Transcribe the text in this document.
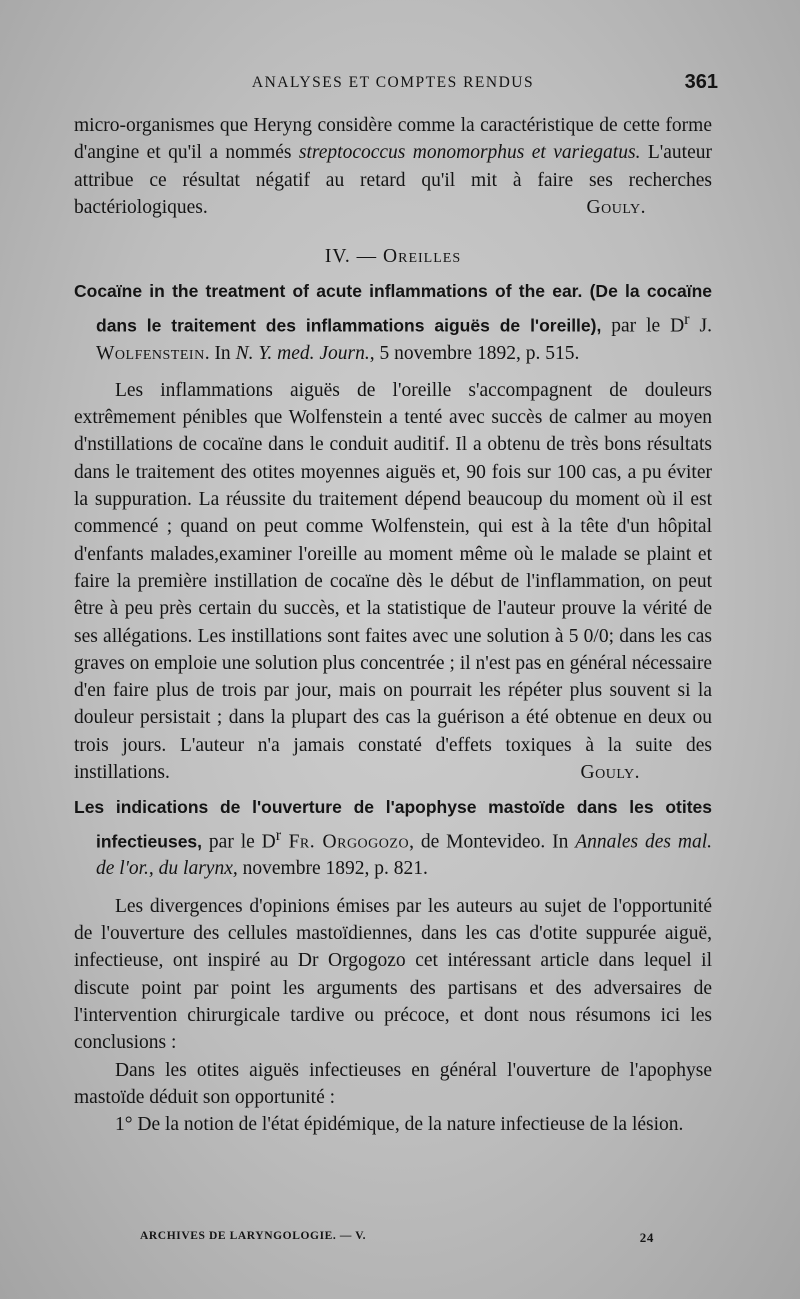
ANALYSES ET COMPTES RENDUS	361

micro-organismes que Heryng considère comme la caractéristique de cette forme d'angine et qu'il a nommés streptococcus monomorphus et variegatus. L'auteur attribue ce résultat négatif au retard qu'il mit à faire ses recherches bactériologiques.	Gouly.

IV. — Oreilles
Cocaïne in the treatment of acute inflammations of the ear. (De la cocaïne dans le traitement des inflammations aiguës de l'oreille), par le $D^r$ J. Wolfenstein. In N. Y. med. Journ., 5 novembre 1892, p. 515.

Les inflammations aiguës de l'oreille s'accompagnent de douleurs extrêmement pénibles que Wolfenstein a tenté avec succès de calmer au moyen d'nstillations de cocaïne dans le conduit auditif. Il a obtenu de très bons résultats dans le traitement des otites moyennes aiguës et, 90 fois sur 100 cas, a pu éviter la suppuration. La réussite du traitement dépend beaucoup du moment où il est commencé ; quand on peut comme Wolfenstein, qui est à la tête d'un hôpital d'enfants malades,examiner l'oreille au moment même où le malade se plaint et faire la première instillation de cocaïne dès le début de l'inflammation, on peut être à peu près certain du succès, et la statistique de l'auteur prouve la vérité de ses allégations. Les instillations sont faites avec une solution à 5 0/0; dans les cas graves on emploie une solution plus concentrée ; il n'est pas en général nécessaire d'en faire plus de trois par jour, mais on pourrait les répéter plus souvent si la douleur persistait ; dans la plupart des cas la guérison a été obtenue en deux ou trois jours. L'auteur n'a jamais constaté d'effets toxiques à la suite des instillations.	Gouly.

Les indications de l'ouverture de l'apophyse mastoïde dans les otites infectieuses, par le $D^r$ Fr. Orgogozo, de Montevideo. In Annales des mal. de l'or., du larynx, novembre 1892, p. 821.

Les divergences d'opinions émises par les auteurs au sujet de l'opportunité de l'ouverture des cellules mastoïdiennes, dans les cas d'otite suppurée aiguë, infectieuse, ont inspiré au Dr Orgogozo cet intéressant article dans lequel il discute point par point les arguments des partisans et des adversaires de l'intervention chirurgicale tardive ou précoce, et dont nous résumons ici les conclusions :

Dans les otites aiguës infectieuses en général l'ouverture de l'apophyse mastoïde déduit son opportunité :

1° De la notion de l'état épidémique, de la nature infectieuse de la lésion.

ARCHIVES DE LARYNGOLOGIE. — V.	24
